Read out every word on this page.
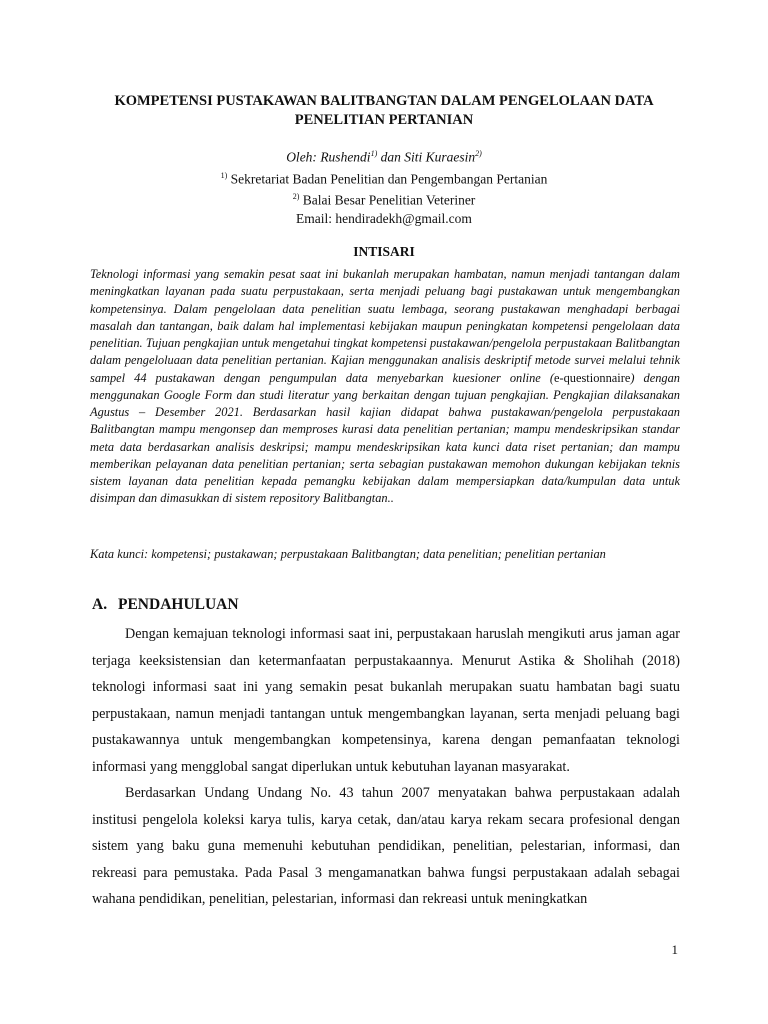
KOMPETENSI PUSTAKAWAN BALITBANGTAN DALAM PENGELOLAAN DATA PENELITIAN PERTANIAN
Oleh: Rushendi$^{1)}$ dan Siti Kuraesin$^{2)}$
$^{1)}$ Sekretariat Badan Penelitian dan Pengembangan Pertanian
$^{2)}$ Balai Besar Penelitian Veteriner
Email: hendiradekh@gmail.com
INTISARI

Teknologi informasi yang semakin pesat saat ini bukanlah merupakan hambatan, namun menjadi tantangan dalam meningkatkan layanan pada suatu perpustakaan, serta menjadi peluang bagi pustakawan untuk mengembangkan kompetensinya. Dalam pengelolaan data penelitian suatu lembaga, seorang pustakawan menghadapi berbagai masalah dan tantangan, baik dalam hal implementasi kebijakan maupun peningkatan kompetensi pengelolaan data penelitian. Tujuan pengkajian untuk mengetahui tingkat kompetensi pustakawan/pengelola perpustakaan Balitbangtan dalam pengeloluaan data penelitian pertanian. Kajian menggunakan analisis deskriptif metode survei melalui tehnik sampel 44 pustakawan dengan pengumpulan data menyebarkan kuesioner online (e-questionnaire) dengan menggunakan Google Form dan studi literatur yang berkaitan dengan tujuan pengkajian. Pengkajian dilaksanakan Agustus – Desember 2021. Berdasarkan hasil kajian didapat bahwa pustakawan/pengelola perpustakaan Balitbangtan mampu mengonsep dan memproses kurasi data penelitian pertanian; mampu mendeskripsikan standar meta data berdasarkan analisis deskripsi; mampu mendeskripsikan kata kunci data riset pertanian; dan mampu memberikan pelayanan data penelitian pertanian; serta sebagian pustakawan memohon dukungan kebijakan teknis sistem layanan data penelitian kepada pemangku kebijakan dalam mempersiapkan data/kumpulan data untuk disimpan dan dimasukkan di sistem repository Balitbangtan..

Kata kunci: kompetensi; pustakawan; perpustakaan Balitbangtan; data penelitian; penelitian pertanian

A. PENDAHULUAN

Dengan kemajuan teknologi informasi saat ini, perpustakaan haruslah mengikuti arus jaman agar terjaga keeksistensian dan ketermanfaatan perpustakaannya. Menurut Astika & Sholihah (2018) teknologi informasi saat ini yang semakin pesat bukanlah merupakan suatu hambatan bagi suatu perpustakaan, namun menjadi tantangan untuk mengembangkan layanan, serta menjadi peluang bagi pustakawannya untuk mengembangkan kompetensinya, karena dengan pemanfaatan teknologi informasi yang mengglobal sangat diperlukan untuk kebutuhan layanan masyarakat.

Berdasarkan Undang Undang No. 43 tahun 2007 menyatakan bahwa perpustakaan adalah institusi pengelola koleksi karya tulis, karya cetak, dan/atau karya rekam secara profesional dengan sistem yang baku guna memenuhi kebutuhan pendidikan, penelitian, pelestarian, informasi, dan rekreasi para pemustaka. Pada Pasal 3 mengamanatkan bahwa fungsi perpustakaan adalah sebagai wahana pendidikan, penelitian, pelestarian, informasi dan rekreasi untuk meningkatkan

1
